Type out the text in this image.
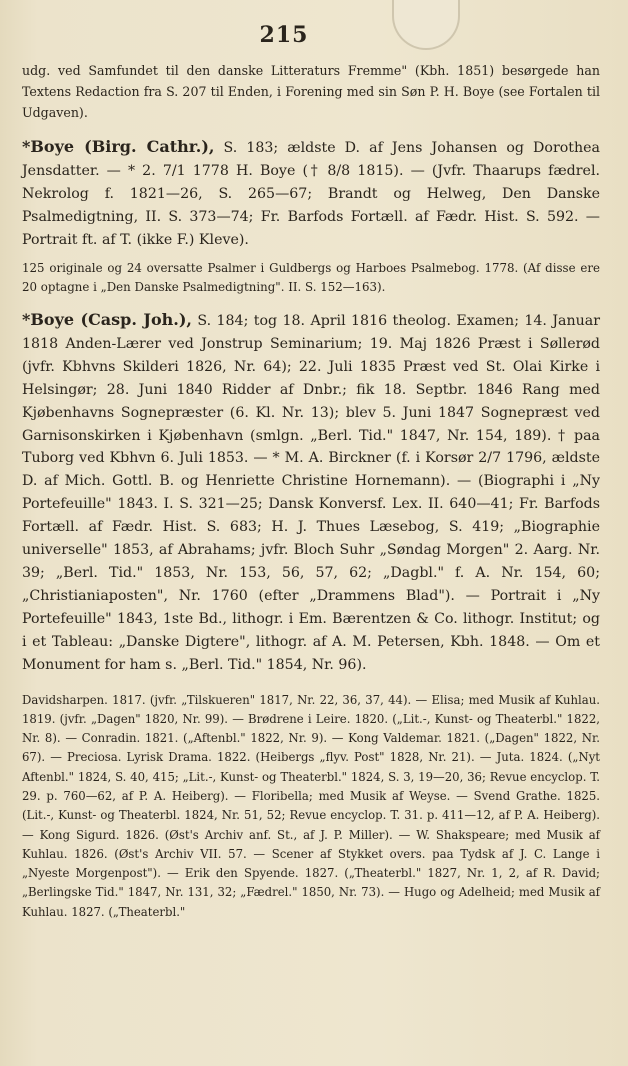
215

udg. ved Samfundet til den danske Litteraturs Fremme" (Kbh. 1851) besørgede han Textens Redaction fra S. 207 til Enden, i Forening med sin Søn P. H. Boye (see Fortalen til Udgaven).

*Boye (Birg. Cathr.), S. 183; ældste D. af Jens Johansen og Dorothea Jensdatter. — * 2. 7/1 1778 H. Boye († 8/8 1815). — (Jvfr. Thaarups fædrel. Nekrolog f. 1821—26, S. 265—67; Brandt og Helweg, Den Danske Psalmedigtning, II. S. 373—74; Fr. Barfods Fortæll. af Fædr. Hist. S. 592. — Portrait ft. af T. (ikke F.) Kleve).

125 originale og 24 oversatte Psalmer i Guldbergs og Harboes Psalmebog. 1778. (Af disse ere 20 optagne i „Den Danske Psalmedigtning". II. S. 152—163).

*Boye (Casp. Joh.), S. 184; tog 18. April 1816 theolog. Examen; 14. Januar 1818 Anden-Lærer ved Jonstrup Seminarium; 19. Maj 1826 Præst i Søllerød (jvfr. Kbhvns Skilderi 1826, Nr. 64); 22. Juli 1835 Præst ved St. Olai Kirke i Helsingør; 28. Juni 1840 Ridder af Dnbr.; fik 18. Septbr. 1846 Rang med Kjøbenhavns Sognepræster (6. Kl. Nr. 13); blev 5. Juni 1847 Sognepræst ved Garnisonskirken i Kjøbenhavn (smlgn. „Berl. Tid." 1847, Nr. 154, 189). † paa Tuborg ved Kbhvn 6. Juli 1853. — * M. A. Birckner (f. i Korsør 2/7 1796, ældste D. af Mich. Gottl. B. og Henriette Christine Hornemann). — (Biographi i „Ny Portefeuille" 1843. I. S. 321—25; Dansk Konversf. Lex. II. 640—41; Fr. Barfods Fortæll. af Fædr. Hist. S. 683; H. J. Thues Læsebog, S. 419; „Biographie universelle" 1853, af Abrahams; jvfr. Bloch Suhr „Søndag Morgen" 2. Aarg. Nr. 39; „Berl. Tid." 1853, Nr. 153, 56, 57, 62; „Dagbl." f. A. Nr. 154, 60; „Christianiaposten", Nr. 1760 (efter „Drammens Blad"). — Portrait i „Ny Portefeuille" 1843, 1ste Bd., lithogr. i Em. Bærentzen & Co. lithogr. Institut; og i et Tableau: „Danske Digtere", lithogr. af A. M. Petersen, Kbh. 1848. — Om et Monument for ham s. „Berl. Tid." 1854, Nr. 96).

Davidsharpen. 1817. (jvfr. „Tilskueren" 1817, Nr. 22, 36, 37, 44). — Elisa; med Musik af Kuhlau. 1819. (jvfr. „Dagen" 1820, Nr. 99). — Brødrene i Leire. 1820. („Lit.-, Kunst- og Theaterbl." 1822, Nr. 8). — Conradin. 1821. („Aftenbl." 1822, Nr. 9). — Kong Valdemar. 1821. („Dagen" 1822, Nr. 67). — Preciosa. Lyrisk Drama. 1822. (Heibergs „flyv. Post" 1828, Nr. 21). — Juta. 1824. („Nyt Aftenbl." 1824, S. 40, 415; „Lit.-, Kunst- og Theaterbl." 1824, S. 3, 19—20, 36; Revue encyclop. T. 29. p. 760—62, af P. A. Heiberg). — Floribella; med Musik af Weyse. — Svend Grathe. 1825. (Lit.-, Kunst- og Theaterbl. 1824, Nr. 51, 52; Revue encyclop. T. 31. p. 411—12, af P. A. Heiberg). — Kong Sigurd. 1826. (Øst's Archiv anf. St., af J. P. Miller). — W. Shakspeare; med Musik af Kuhlau. 1826. (Øst's Archiv VII. 57. — Scener af Stykket overs. paa Tydsk af J. C. Lange i „Nyeste Morgenpost"). — Erik den Spyende. 1827. („Theaterbl." 1827, Nr. 1, 2, af R. David; „Berlingske Tid." 1847, Nr. 131, 32; „Fædrel." 1850, Nr. 73). — Hugo og Adelheid; med Musik af Kuhlau. 1827. („Theaterbl."
